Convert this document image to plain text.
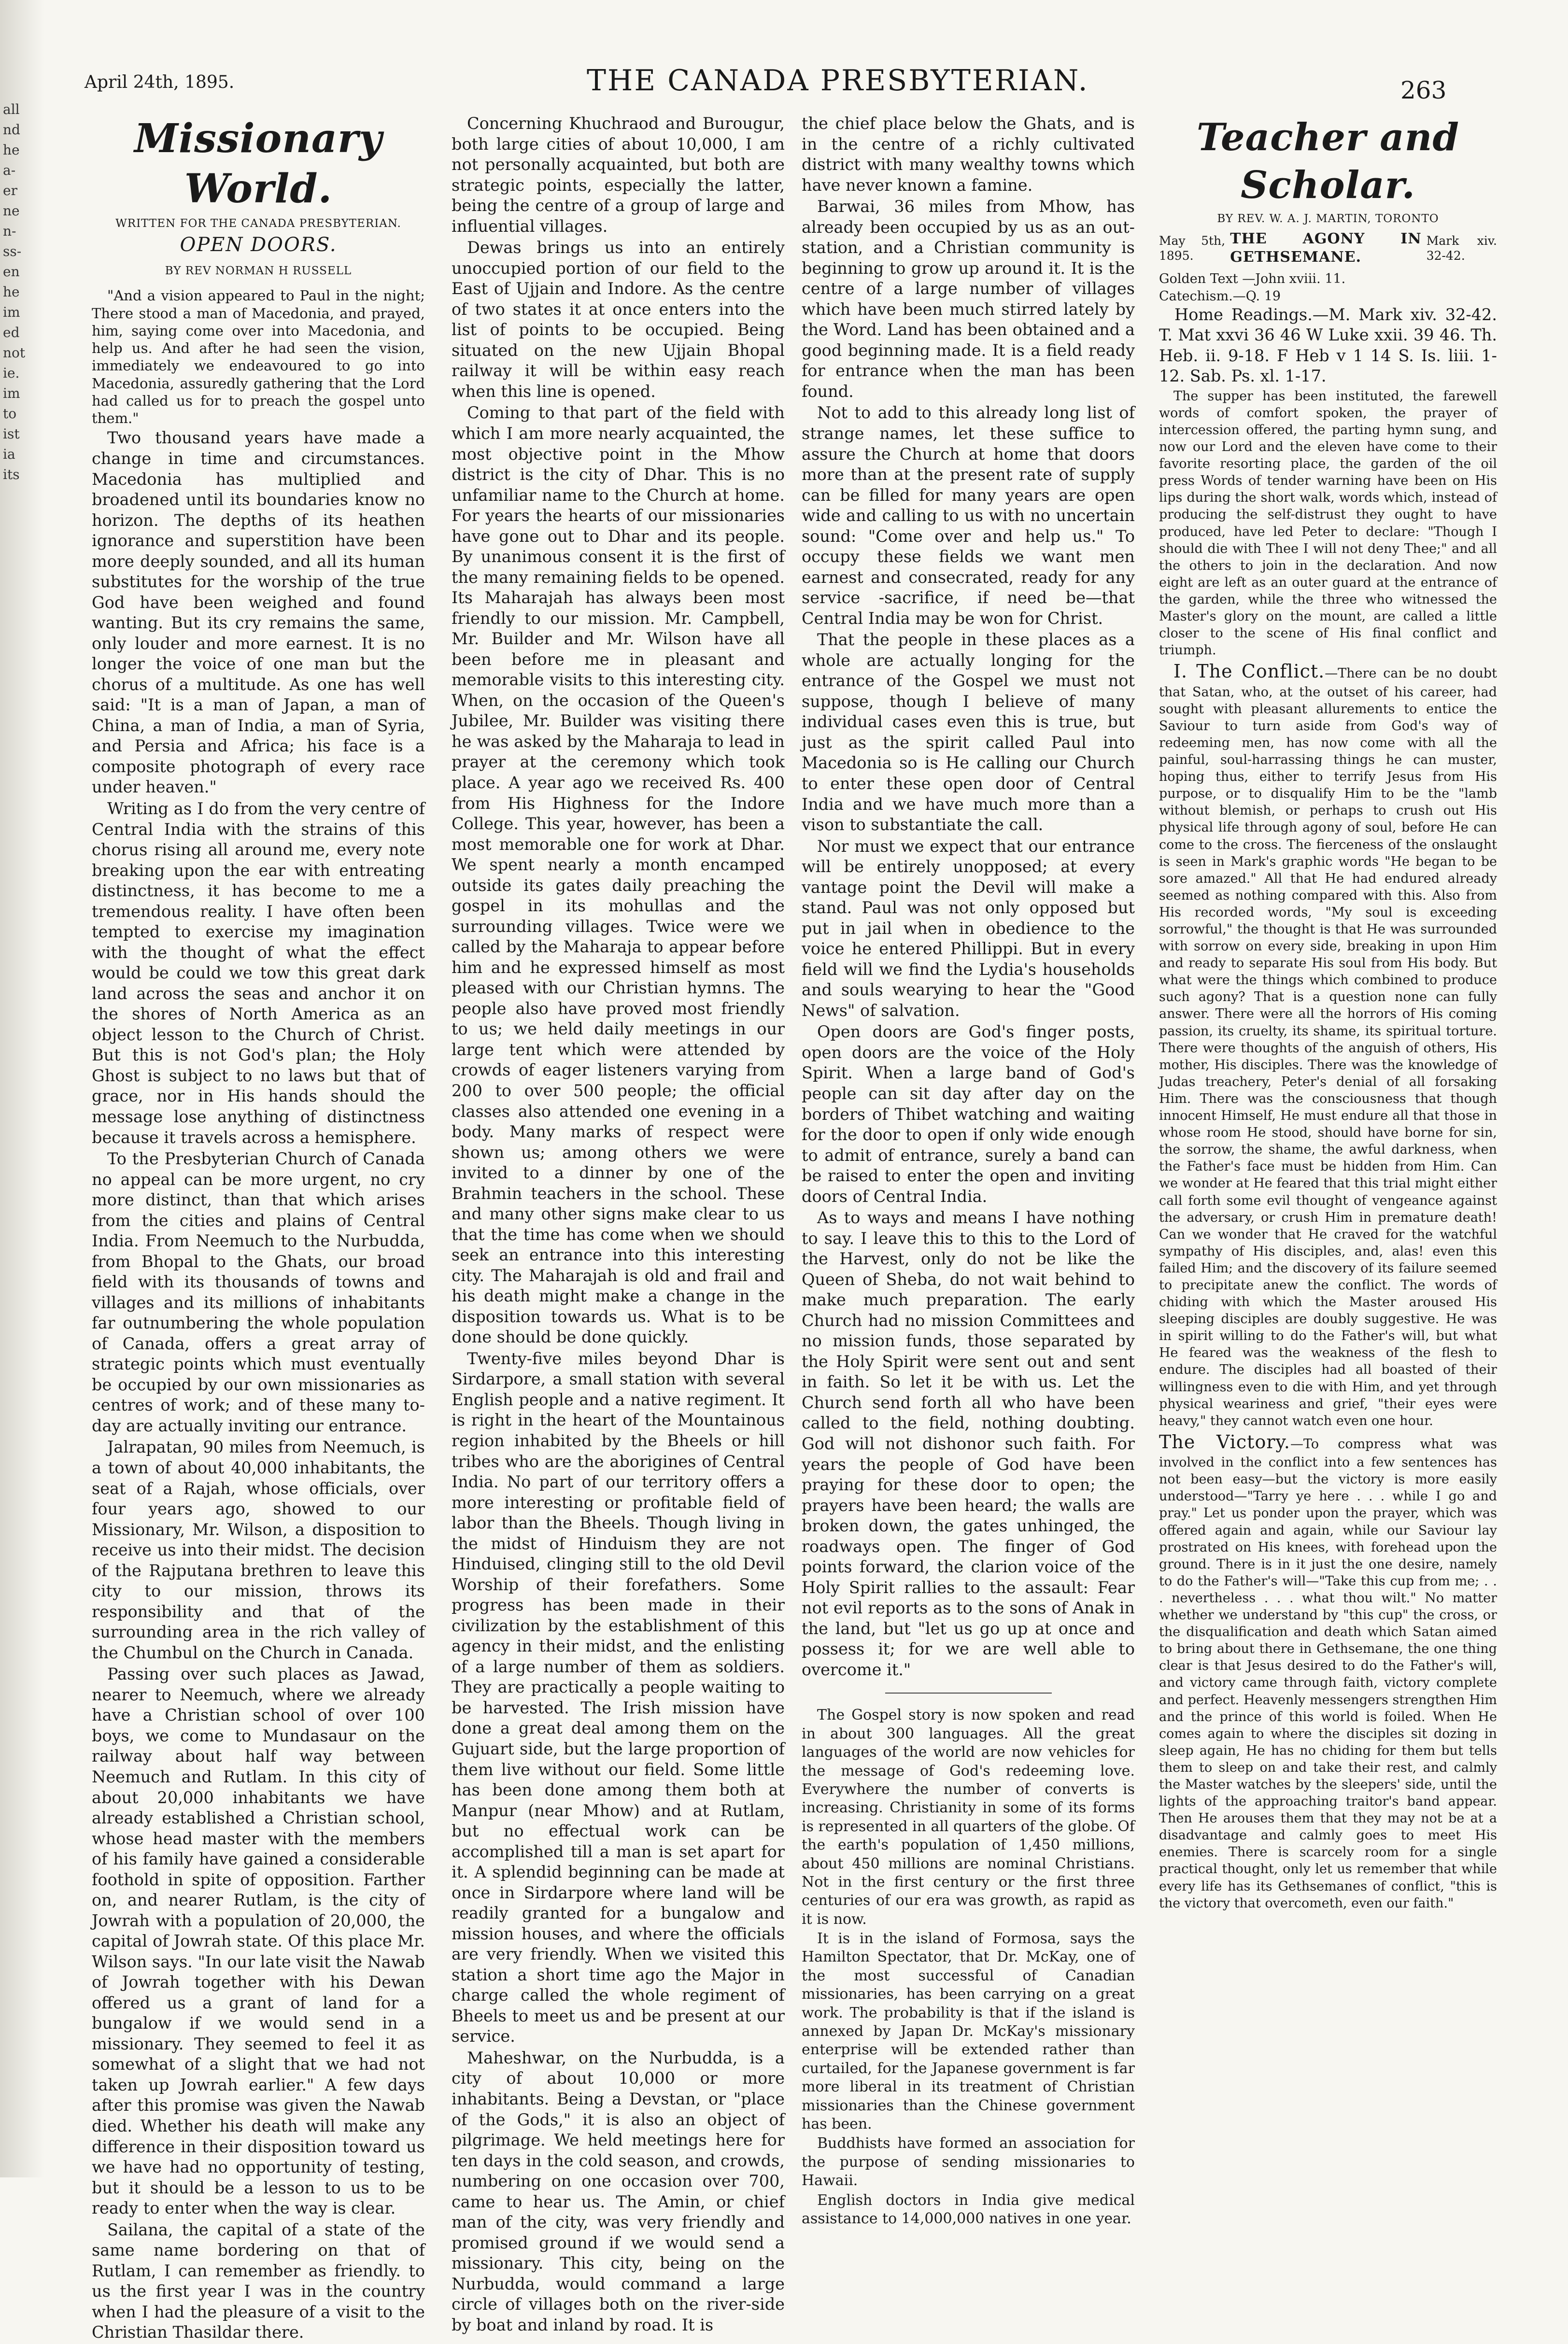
all
nd
he
a-
er
ne
n-
ss-
en
he
im
ed
not
ie.
im
to
ist
ia
its
April 24th, 1895.	THE CANADA PRESBYTERIAN.	263
Missionary World.
WRITTEN FOR THE CANADA PRESBYTERIAN.
OPEN DOORS.
BY REV NORMAN H RUSSELL

"And a vision appeared to Paul in the night; There stood a man of Macedonia, and prayed, him, saying come over into Macedonia, and help us. And after he had seen the vision, immediately we endeavoured to go into Macedonia, assuredly gathering that the Lord had called us for to preach the gospel unto them."

Two thousand years have made a change in time and circumstances. Macedonia has multiplied and broadened until its boundaries know no horizon. The depths of its heathen ignorance and superstition have been more deeply sounded, and all its human substitutes for the worship of the true God have been weighed and found wanting. But its cry remains the same, only louder and more earnest. It is no longer the voice of one man but the chorus of a multitude. As one has well said: "It is a man of Japan, a man of China, a man of India, a man of Syria, and Persia and Africa; his face is a composite photograph of every race under heaven."

Writing as I do from the very centre of Central India with the strains of this chorus rising all around me, every note breaking upon the ear with entreating distinctness, it has become to me a tremendous reality. I have often been tempted to exercise my imagination with the thought of what the effect would be could we tow this great dark land across the seas and anchor it on the shores of North America as an object lesson to the Church of Christ. But this is not God's plan; the Holy Ghost is subject to no laws but that of grace, nor in His hands should the message lose anything of distinctness because it travels across a hemisphere.

To the Presbyterian Church of Canada no appeal can be more urgent, no cry more distinct, than that which arises from the cities and plains of Central India. From Neemuch to the Nurbudda, from Bhopal to the Ghats, our broad field with its thousands of towns and villages and its millions of inhabitants far outnumbering the whole population of Canada, offers a great array of strategic points which must eventually be occupied by our own missionaries as centres of work; and of these many to-day are actually inviting our entrance.

Jalrapatan, 90 miles from Neemuch, is a town of about 40,000 inhabitants, the seat of a Rajah, whose officials, over four years ago, showed to our Missionary, Mr. Wilson, a disposition to receive us into their midst. The decision of the Rajputana brethren to leave this city to our mission, throws its responsibility and that of the surrounding area in the rich valley of the Chumbul on the Church in Canada.

Passing over such places as Jawad, nearer to Neemuch, where we already have a Christian school of over 100 boys, we come to Mundasaur on the railway about half way between Neemuch and Rutlam. In this city of about 20,000 inhabitants we have already established a Christian school, whose head master with the members of his family have gained a considerable foothold in spite of opposition. Farther on, and nearer Rutlam, is the city of Jowrah with a population of 20,000, the capital of Jowrah state. Of this place Mr. Wilson says. "In our late visit the Nawab of Jowrah together with his Dewan offered us a grant of land for a bungalow if we would send in a missionary. They seemed to feel it as somewhat of a slight that we had not taken up Jowrah earlier." A few days after this promise was given the Nawab died. Whether his death will make any difference in their disposition toward us we have had no opportunity of testing, but it should be a lesson to us to be ready to enter when the way is clear.

Sailana, the capital of a state of the same name bordering on that of Rutlam, I can remember as friendly. to us the first year I was in the country when I had the pleasure of a visit to the Christian Thasildar there.

Concerning Khuchraod and Burougur, both large cities of about 10,000, I am not personally acquainted, but both are strategic points, especially the latter, being the centre of a group of large and influential villages.

Dewas brings us into an entirely unoccupied portion of our field to the East of Ujjain and Indore. As the centre of two states it at once enters into the list of points to be occupied. Being situated on the new Ujjain Bhopal railway it will be within easy reach when this line is opened.

Coming to that part of the field with which I am more nearly acquainted, the most objective point in the Mhow district is the city of Dhar. This is no unfamiliar name to the Church at home. For years the hearts of our missionaries have gone out to Dhar and its people. By unanimous consent it is the first of the many remaining fields to be opened. Its Maharajah has always been most friendly to our mission. Mr. Campbell, Mr. Builder and Mr. Wilson have all been before me in pleasant and memorable visits to this interesting city. When, on the occasion of the Queen's Jubilee, Mr. Builder was visiting there he was asked by the Maharaja to lead in prayer at the ceremony which took place. A year ago we received Rs. 400 from His Highness for the Indore College. This year, however, has been a most memorable one for work at Dhar. We spent nearly a month encamped outside its gates daily preaching the gospel in its mohullas and the surrounding villages. Twice were we called by the Maharaja to appear before him and he expressed himself as most pleased with our Christian hymns. The people also have proved most friendly to us; we held daily meetings in our large tent which were attended by crowds of eager listeners varying from 200 to over 500 people; the official classes also attended one evening in a body. Many marks of respect were shown us; among others we were invited to a dinner by one of the Brahmin teachers in the school. These and many other signs make clear to us that the time has come when we should seek an entrance into this interesting city. The Maharajah is old and frail and his death might make a change in the disposition towards us. What is to be done should be done quickly.

Twenty-five miles beyond Dhar is Sirdarpore, a small station with several English people and a native regiment. It is right in the heart of the Mountainous region inhabited by the Bheels or hill tribes who are the aborigines of Central India. No part of our territory offers a more interesting or profitable field of labor than the Bheels. Though living in the midst of Hinduism they are not Hinduised, clinging still to the old Devil Worship of their forefathers. Some progress has been made in their civilization by the establishment of this agency in their midst, and the enlisting of a large number of them as soldiers. They are practically a people waiting to be harvested. The Irish mission have done a great deal among them on the Gujuart side, but the large proportion of them live without our field. Some little has been done among them both at Manpur (near Mhow) and at Rutlam, but no effectual work can be accomplished till a man is set apart for it. A splendid beginning can be made at once in Sirdarpore where land will be readily granted for a bungalow and mission houses, and where the officials are very friendly. When we visited this station a short time ago the Major in charge called the whole regiment of Bheels to meet us and be present at our service.

Maheshwar, on the Nurbudda, is a city of about 10,000 or more inhabitants. Being a Devstan, or "place of the Gods," it is also an object of pilgrimage. We held meetings here for ten days in the cold season, and crowds, numbering on one occasion over 700, came to hear us. The Amin, or chief man of the city, was very friendly and promised ground if we would send a missionary. This city, being on the Nurbudda, would command a large circle of villages both on the river-side by boat and inland by road. It is

the chief place below the Ghats, and is in the centre of a richly cultivated district with many wealthy towns which have never known a famine.

Barwai, 36 miles from Mhow, has already been occupied by us as an out-station, and a Christian community is beginning to grow up around it. It is the centre of a large number of villages which have been much stirred lately by the Word. Land has been obtained and a good beginning made. It is a field ready for entrance when the man has been found.

Not to add to this already long list of strange names, let these suffice to assure the Church at home that doors more than at the present rate of supply can be filled for many years are open wide and calling to us with no uncertain sound: "Come over and help us." To occupy these fields we want men earnest and consecrated, ready for any service -sacrifice, if need be—that Central India may be won for Christ.

That the people in these places as a whole are actually longing for the entrance of the Gospel we must not suppose, though I believe of many individual cases even this is true, but just as the spirit called Paul into Macedonia so is He calling our Church to enter these open door of Central India and we have much more than a vison to substantiate the call.

Nor must we expect that our entrance will be entirely unopposed; at every vantage point the Devil will make a stand. Paul was not only opposed but put in jail when in obedience to the voice he entered Phillippi. But in every field will we find the Lydia's households and souls wearying to hear the "Good News" of salvation.

Open doors are God's finger posts, open doors are the voice of the Holy Spirit. When a large band of God's people can sit day after day on the borders of Thibet watching and waiting for the door to open if only wide enough to admit of entrance, surely a band can be raised to enter the open and inviting doors of Central India.

As to ways and means I have nothing to say. I leave this to this to the Lord of the Harvest, only do not be like the Queen of Sheba, do not wait behind to make much preparation. The early Church had no mission Committees and no mission funds, those separated by the Holy Spirit were sent out and sent in faith. So let it be with us. Let the Church send forth all who have been called to the field, nothing doubting. God will not dishonor such faith. For years the people of God have been praying for these door to open; the prayers have been heard; the walls are broken down, the gates unhinged, the roadways open. The finger of God points forward, the clarion voice of the Holy Spirit rallies to the assault: Fear not evil reports as to the sons of Anak in the land, but "let us go up at once and possess it; for we are well able to overcome it."

The Gospel story is now spoken and read in about 300 languages. All the great languages of the world are now vehicles for the message of God's redeeming love. Everywhere the number of converts is increasing. Christianity in some of its forms is represented in all quarters of the globe. Of the earth's population of 1,450 millions, about 450 millions are nominal Christians. Not in the first century or the first three centuries of our era was growth, as rapid as it is now.

It is in the island of Formosa, says the Hamilton Spectator, that Dr. McKay, one of the most successful of Canadian missionaries, has been carrying on a great work. The probability is that if the island is annexed by Japan Dr. McKay's missionary enterprise will be extended rather than curtailed, for the Japanese government is far more liberal in its treatment of Christian missionaries than the Chinese government has been.

Buddhists have formed an association for the purpose of sending missionaries to Hawaii.

English doctors in India give medical assistance to 14,000,000 natives in one year.

Teacher and Scholar.
BY REV. W. A. J. MARTIN, TORONTO
May 5th, 1895.
THE AGONY IN GETHSEMANE.
Mark xiv. 32-42.
Golden Text —John xviii. 11.
Catechism.—Q. 19

Home Readings.—M. Mark xiv. 32-42. T. Mat xxvi 36 46 W Luke xxii. 39 46. Th. Heb. ii. 9-18. F Heb v 1 14 S. Is. liii. 1-12. Sab. Ps. xl. 1-17.

The supper has been instituted, the farewell words of comfort spoken, the prayer of intercession offered, the parting hymn sung, and now our Lord and the eleven have come to their favorite resorting place, the garden of the oil press Words of tender warning have been on His lips during the short walk, words which, instead of producing the self-distrust they ought to have produced, have led Peter to declare: "Though I should die with Thee I will not deny Thee;" and all the others to join in the declaration. And now eight are left as an outer guard at the entrance of the garden, while the three who witnessed the Master's glory on the mount, are called a little closer to the scene of His final conflict and triumph.

I. The Conflict.—There can be no doubt that Satan, who, at the outset of his career, had sought with pleasant allurements to entice the Saviour to turn aside from God's way of redeeming men, has now come with all the painful, soul-harrassing things he can muster, hoping thus, either to terrify Jesus from His purpose, or to disqualify Him to be the "lamb without blemish, or perhaps to crush out His physical life through agony of soul, before He can come to the cross. The fierceness of the onslaught is seen in Mark's graphic words "He began to be sore amazed." All that He had endured already seemed as nothing compared with this. Also from His recorded words, "My soul is exceeding sorrowful," the thought is that He was surrounded with sorrow on every side, breaking in upon Him and ready to separate His soul from His body. But what were the things which combined to produce such agony? That is a question none can fully answer. There were all the horrors of His coming passion, its cruelty, its shame, its spiritual torture. There were thoughts of the anguish of others, His mother, His disciples. There was the knowledge of Judas treachery, Peter's denial of all forsaking Him. There was the consciousness that though innocent Himself, He must endure all that those in whose room He stood, should have borne for sin, the sorrow, the shame, the awful darkness, when the Father's face must be hidden from Him. Can we wonder at He feared that this trial might either call forth some evil thought of vengeance against the adversary, or crush Him in premature death! Can we wonder that He craved for the watchful sympathy of His disciples, and, alas! even this failed Him; and the discovery of its failure seemed to precipitate anew the conflict. The words of chiding with which the Master aroused His sleeping disciples are doubly suggestive. He was in spirit willing to do the Father's will, but what He feared was the weakness of the flesh to endure. The disciples had all boasted of their willingness even to die with Him, and yet through physical weariness and grief, "their eyes were heavy," they cannot watch even one hour.

The Victory.—To compress what was involved in the conflict into a few sentences has not been easy—but the victory is more easily understood—"Tarry ye here . . . while I go and pray." Let us ponder upon the prayer, which was offered again and again, while our Saviour lay prostrated on His knees, with forehead upon the ground. There is in it just the one desire, namely to do the Father's will—"Take this cup from me; . . . nevertheless . . . what thou wilt." No matter whether we understand by "this cup" the cross, or the disqualification and death which Satan aimed to bring about there in Gethsemane, the one thing clear is that Jesus desired to do the Father's will, and victory came through faith, victory complete and perfect. Heavenly messengers strengthen Him and the prince of this world is foiled. When He comes again to where the disciples sit dozing in sleep again, He has no chiding for them but tells them to sleep on and take their rest, and calmly the Master watches by the sleepers' side, until the lights of the approaching traitor's band appear. Then He arouses them that they may not be at a disadvantage and calmly goes to meet His enemies. There is scarcely room for a single practical thought, only let us remember that while every life has its Gethsemanes of conflict, "this is the victory that overcometh, even our faith."
